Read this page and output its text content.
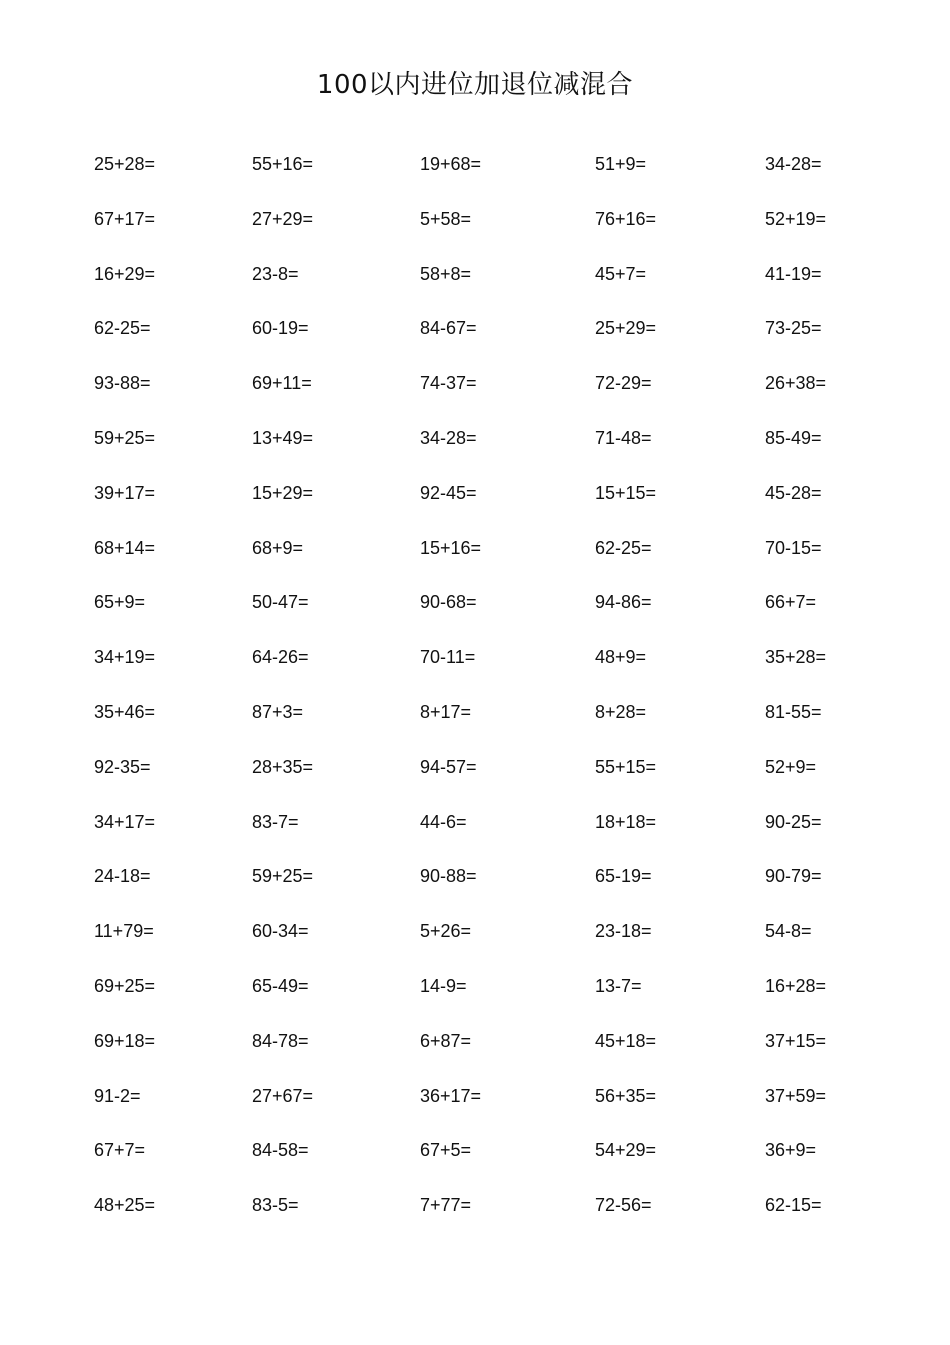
100以内进位加退位减混合
25+28=	55+16=	19+68=	51+9=	34-28=
67+17=	27+29=	5+58=	76+16=	52+19=
16+29=	23-8=	58+8=	45+7=	41-19=
62-25=	60-19=	84-67=	25+29=	73-25=
93-88=	69+11=	74-37=	72-29=	26+38=
59+25=	13+49=	34-28=	71-48=	85-49=
39+17=	15+29=	92-45=	15+15=	45-28=
68+14=	68+9=	15+16=	62-25=	70-15=
65+9=	50-47=	90-68=	94-86=	66+7=
34+19=	64-26=	70-11=	48+9=	35+28=
35+46=	87+3=	8+17=	8+28=	81-55=
92-35=	28+35=	94-57=	55+15=	52+9=
34+17=	83-7=	44-6=	18+18=	90-25=
24-18=	59+25=	90-88=	65-19=	90-79=
11+79=	60-34=	5+26=	23-18=	54-8=
69+25=	65-49=	14-9=	13-7=	16+28=
69+18=	84-78=	6+87=	45+18=	37+15=
91-2=	27+67=	36+17=	56+35=	37+59=
67+7=	84-58=	67+5=	54+29=	36+9=
48+25=	83-5=	7+77=	72-56=	62-15=
